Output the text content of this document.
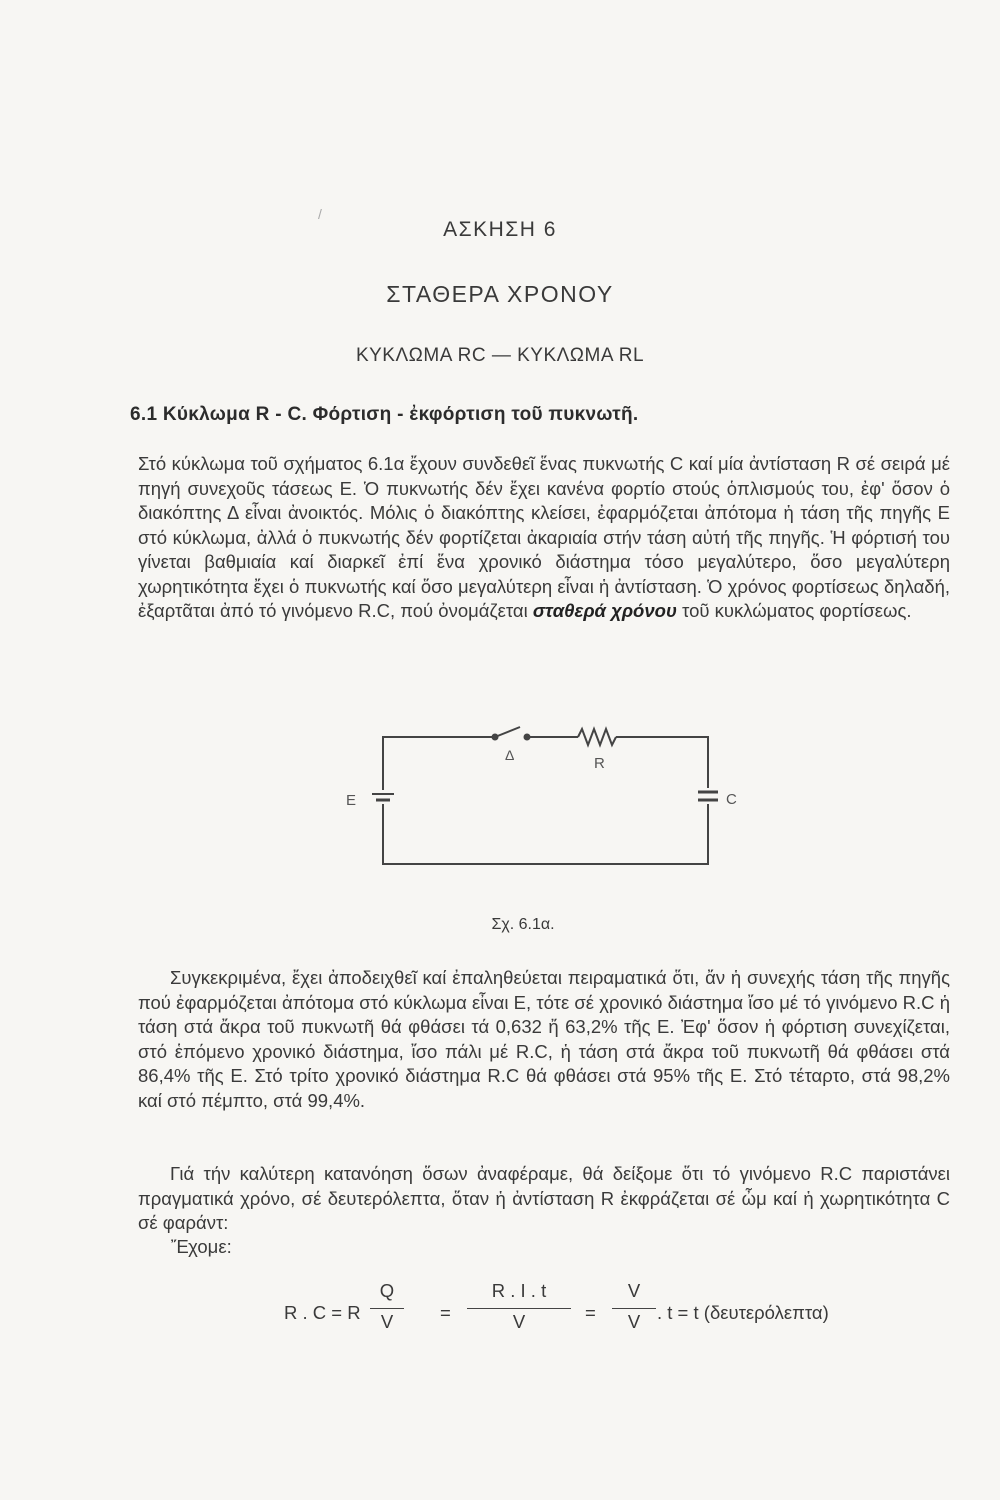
/
ΑΣΚΗΣΗ 6
ΣΤΑΘΕΡΑ ΧΡΟΝΟΥ
ΚΥΚΛΩΜΑ RC — ΚΥΚΛΩΜΑ RL
6.1 Κύκλωμα R - C. Φόρτιση - ἐκφόρτιση τοῦ πυκνωτῆ.
Στό κύκλωμα τοῦ σχήματος 6.1α ἔχουν συνδεθεῖ ἕνας πυκνωτής C καί μία ἀντίσταση R σέ σειρά μέ πηγή συνεχοῦς τάσεως E. Ὁ πυκνωτής δέν ἔχει κανένα φορτίο στούς ὁπλισμούς του, ἐφ' ὅσον ὁ διακόπτης Δ εἶναι ἀνοικτός. Μόλις ὁ διακόπτης κλείσει, ἐφαρμόζεται ἀπότομα ἡ τάση τῆς πηγῆς E στό κύκλωμα, ἀλλά ὁ πυκνωτής δέν φορτίζεται ἀκαριαία στήν τάση αὐτή τῆς πηγῆς. Ἡ φόρτισή του γίνεται βαθμιαία καί διαρκεῖ ἐπί ἕνα χρονικό διάστημα τόσο μεγαλύτερο, ὅσο μεγαλύτερη χωρητικότητα ἔχει ὁ πυκνωτής καί ὅσο μεγαλύτερη εἶναι ἡ ἀντίσταση. Ὁ χρόνος φορτίσεως δηλαδή, ἐξαρτᾶται ἀπό τό γινόμενο R.C, πού ὀνομάζεται σταθερά χρόνου τοῦ κυκλώματος φορτίσεως.
Δ	R
E	C
Σχ. 6.1α.
Συγκεκριμένα, ἔχει ἀποδειχθεῖ καί ἐπαληθεύεται πειραματικά ὅτι, ἄν ἡ συνεχής τάση τῆς πηγῆς πού ἐφαρμόζεται ἀπότομα στό κύκλωμα εἶναι E, τότε σέ χρονικό διάστημα ἴσο μέ τό γινόμενο R.C ἡ τάση στά ἄκρα τοῦ πυκνωτῆ θά φθάσει τά 0,632 ἤ 63,2% τῆς E. Ἐφ' ὅσον ἡ φόρτιση συνεχίζεται, στό ἑπόμενο χρονικό διάστημα, ἴσο πάλι μέ R.C, ἡ τάση στά ἄκρα τοῦ πυκνωτῆ θά φθάσει στά 86,4% τῆς E. Στό τρίτο χρονικό διάστημα R.C θά φθάσει στά 95% τῆς E. Στό τέταρτο, στά 98,2% καί στό πέμπτο, στά 99,4%.
Γιά τήν καλύτερη κατανόηση ὅσων ἀναφέραμε, θά δείξομε ὅτι τό γινόμενο R.C παριστάνει πραγματικά χρόνο, σέ δευτερόλεπτα, ὅταν ἡ ἀντίσταση R ἐκφράζεται σέ ὦμ καί ἡ χωρητικότητα C σέ φαράντ:
Ἔχομε:
R . C = R
Q
V	=
R . I . t
V	=
V
V . t = t (δευτερόλεπτα)
